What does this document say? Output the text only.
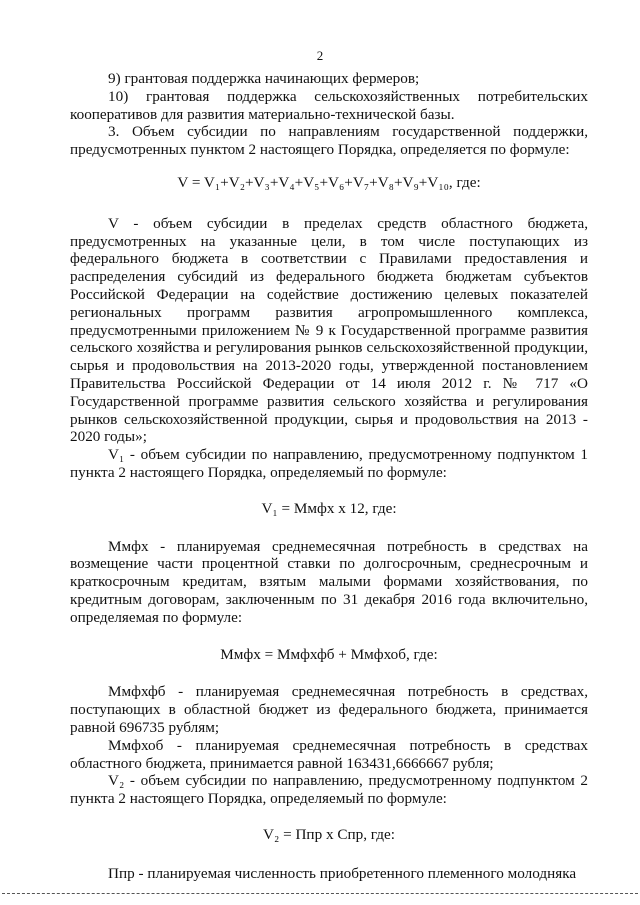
2

9) грантовая поддержка начинающих фермеров;

10) грантовая поддержка сельскохозяйственных потребительских кооперативов для развития материально-технической базы.

3. Объем субсидии по направлениям государственной поддержки, предусмотренных пунктом 2 настоящего Порядка, определяется по формуле:

V = V₁+V₂+V₃+V₄+V₅+V₆+V₇+V₈+V₉+V₁₀, где:

V - объем субсидии в пределах средств областного бюджета, предусмотренных на указанные цели, в том числе поступающих из федерального бюджета в соответствии с Правилами предоставления и распределения субсидий из федерального бюджета бюджетам субъектов Российской Федерации на содействие достижению целевых показателей региональных программ развития агропромышленного комплекса, предусмотренными приложением № 9 к Государственной программе развития сельского хозяйства и регулирования рынков сельскохозяйственной продукции, сырья и продовольствия на 2013-2020 годы, утвержденной постановлением Правительства Российской Федерации от 14 июля 2012 г. № 717 «О Государственной программе развития сельского хозяйства и регулирования рынков сельскохозяйственной продукции, сырья и продовольствия на 2013 - 2020 годы»;

V₁ - объем субсидии по направлению, предусмотренному подпунктом 1 пункта 2 настоящего Порядка, определяемый по формуле:

V₁ = Mмфх x 12, где:

Mмфх - планируемая среднемесячная потребность в средствах на возмещение части процентной ставки по долгосрочным, среднесрочным и краткосрочным кредитам, взятым малыми формами хозяйствования, по кредитным договорам, заключенным по 31 декабря 2016 года включительно, определяемая по формуле:

Mмфх = Mмфхфб + Mмфхоб, где:

Mмфхфб - планируемая среднемесячная потребность в средствах, поступающих в областной бюджет из федерального бюджета, принимается равной 696735 рублям;

Mмфхоб - планируемая среднемесячная потребность в средствах областного бюджета, принимается равной 163431,6666667 рубля;

V₂ - объем субсидии по направлению, предусмотренному подпунктом 2 пункта 2 настоящего Порядка, определяемый по формуле:

V₂ = Ппр x Спр, где:

Ппр - планируемая численность приобретенного племенного молодняка
